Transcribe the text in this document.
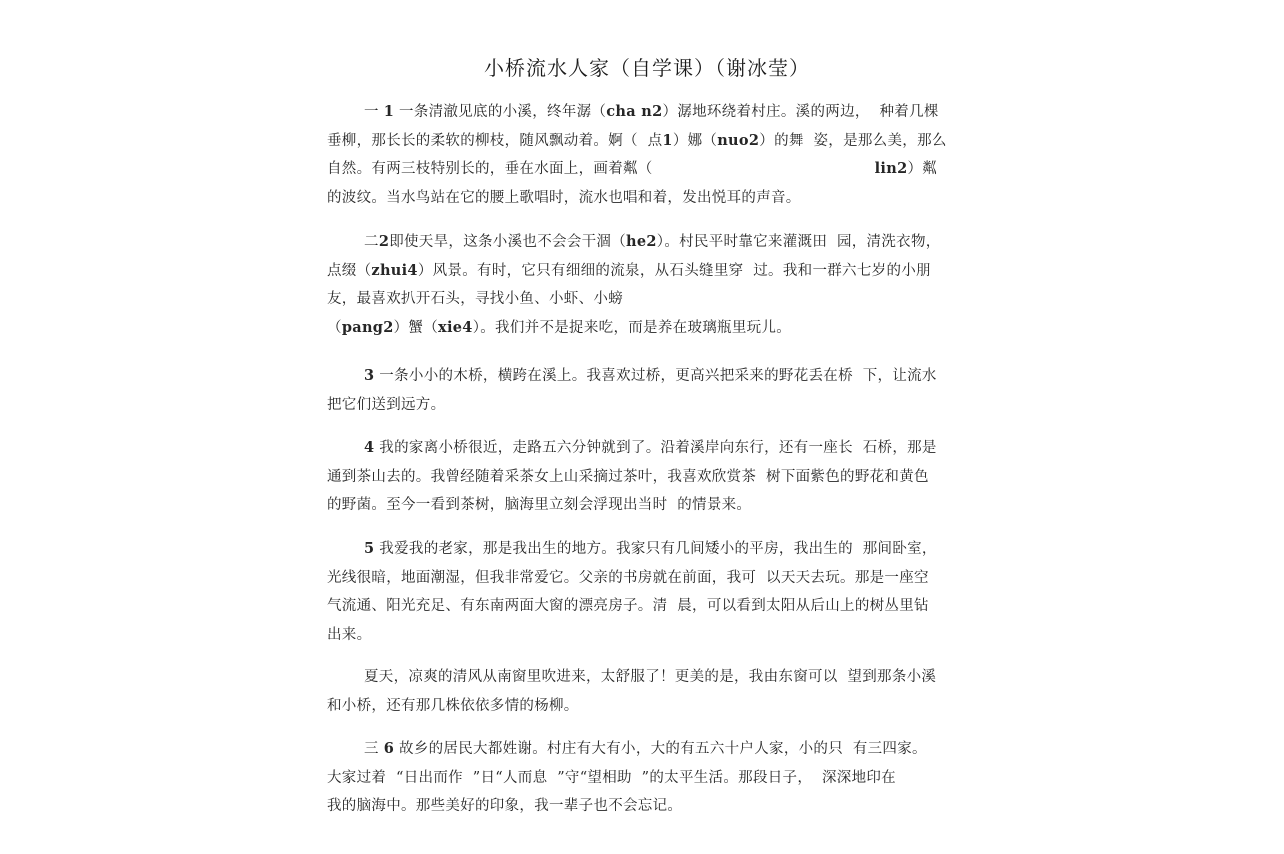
小桥流水人家（自学课）（谢冰莹）
一 1 一条清澈见底的小溪，终年潺（cha n2）潺地环绕着村庄。溪的两边，  种着几棵
垂柳，那长长的柔软的柳枝，随风飘动着。婀（  点1）娜（nuo2）的舞  姿，是那么美，那么
自然。有两三枝特别长的，垂在水面上，画着粼（	lin2）粼
的波纹。当水鸟站在它的腰上歌唱时，流水也唱和着，发出悦耳的声音。
二2即使天旱，这条小溪也不会会干涸（he2）。村民平时靠它来灌溉田  园，清洗衣物，
点缀（zhui4）风景。有时，它只有细细的流泉，从石头缝里穿  过。我和一群六七岁的小朋
友，最喜欢扒开石头，寻找小鱼、小虾、小螃
（pang2）蟹（xie4）。我们并不是捉来吃，而是养在玻璃瓶里玩儿。
3 一条小小的木桥，横跨在溪上。我喜欢过桥，更高兴把采来的野花丢在桥  下，让流水
把它们送到远方。
4 我的家离小桥很近，走路五六分钟就到了。沿着溪岸向东行，还有一座长  石桥，那是
通到茶山去的。我曾经随着采茶女上山采摘过茶叶，我喜欢欣赏茶  树下面紫色的野花和黄色
的野菌。至今一看到茶树，脑海里立刻会浮现出当时  的情景来。
5 我爱我的老家，那是我出生的地方。我家只有几间矮小的平房，我出生的  那间卧室，
光线很暗，地面潮湿，但我非常爱它。父亲的书房就在前面，我可  以天天去玩。那是一座空
气流通、阳光充足、有东南两面大窗的漂亮房子。清  晨，可以看到太阳从后山上的树丛里钻
出来。
夏天，凉爽的清风从南窗里吹进来，太舒服了！更美的是，我由东窗可以  望到那条小溪
和小桥，还有那几株依依多情的杨柳。
三 6 故乡的居民大都姓谢。村庄有大有小，大的有五六十户人家，小的只  有三四家。
大家过着  “日出而作  ”日“人而息  ”守“望相助  ”的太平生活。那段日子，  深深地印在
我的脑海中。那些美好的印象，我一辈子也不会忘记。
